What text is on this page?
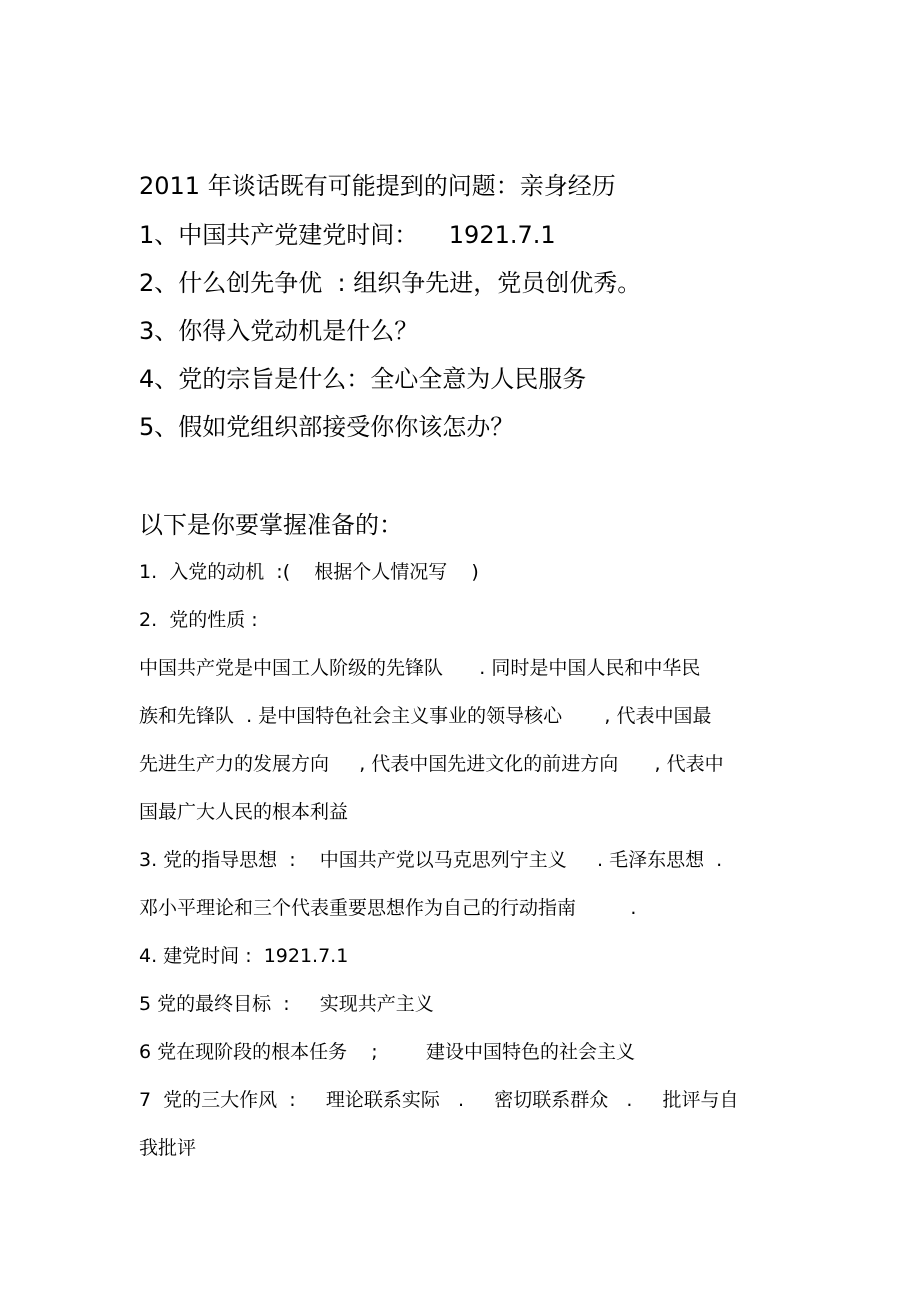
2011 年谈话既有可能提到的问题：亲身经历
1、中国共产党建党时间：    1921.7.1
2、什么创先争优  : 组织争先进，党员创优秀。
3、你得入党动机是什么？
4、党的宗旨是什么：全心全意为人民服务
5、假如党组织部接受你你该怎办？
以下是你要掌握准备的：
1.  入党的动机  :(    根据个人情况写    )
2.  党的性质 :
中国共产党是中国工人阶级的先锋队      . 同时是中国人民和中华民
族和先锋队  . 是中国特色社会主义事业的领导核心       , 代表中国最
先进生产力的发展方向     , 代表中国先进文化的前进方向      , 代表中
国最广大人民的根本利益
3. 党的指导思想  :    中国共产党以马克思列宁主义     . 毛泽东思想  .
邓小平理论和三个代表重要思想作为自己的行动指南         .
4. 建党时间 :  1921.7.1
5 党的最终目标  :     实现共产主义
6 党在现阶段的根本任务    ;        建设中国特色的社会主义
7  党的三大作风  :     理论联系实际   .     密切联系群众   .     批评与自
我批评
